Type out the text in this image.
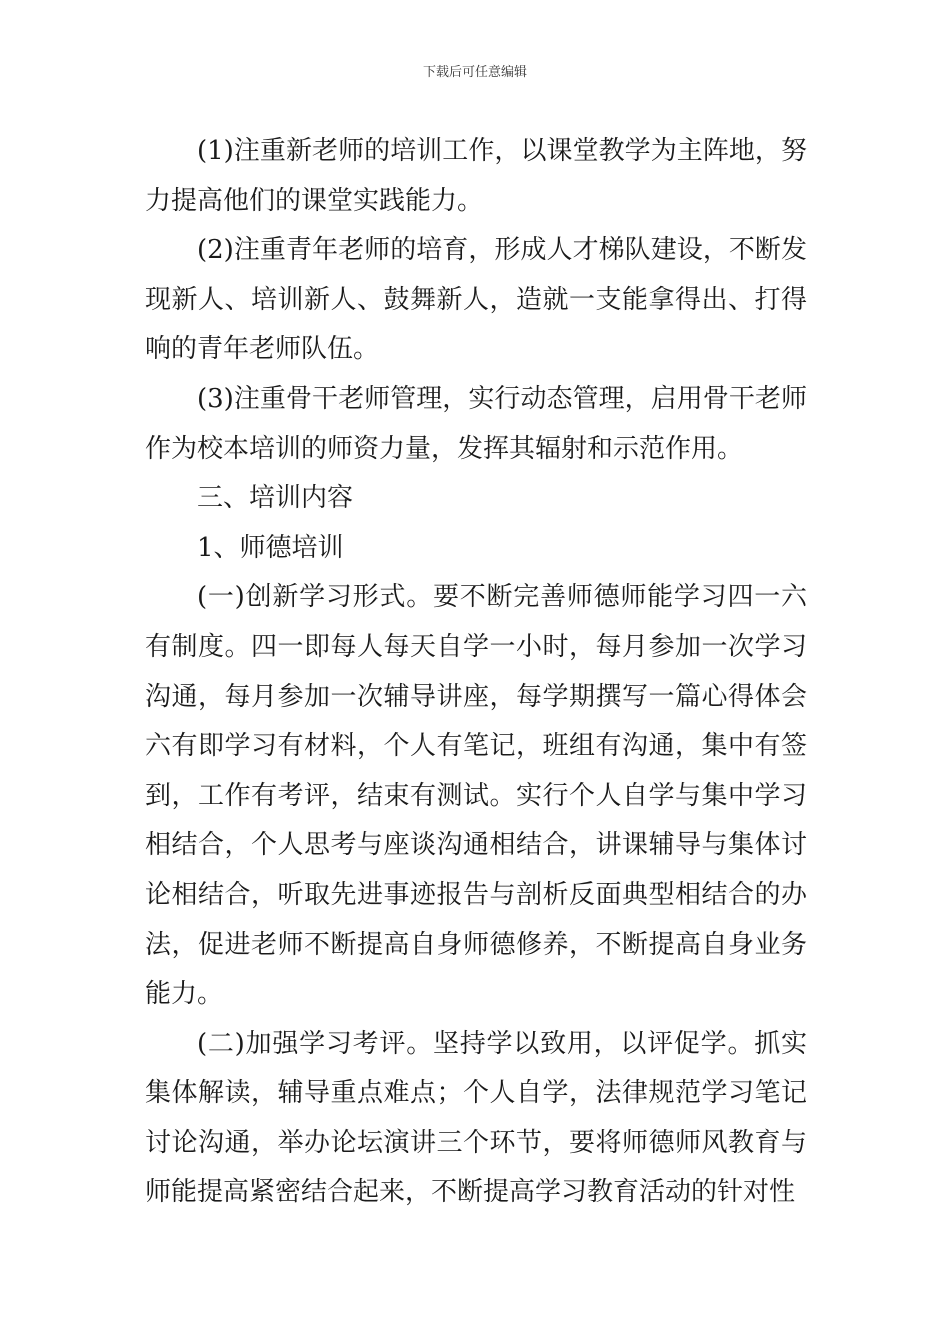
下载后可任意编辑

(1)注重新老师的培训工作，以课堂教学为主阵地，努力提高他们的课堂实践能力。

(2)注重青年老师的培育，形成人才梯队建设，不断发现新人、培训新人、鼓舞新人，造就一支能拿得出、打得响的青年老师队伍。

(3)注重骨干老师管理，实行动态管理，启用骨干老师作为校本培训的师资力量，发挥其辐射和示范作用。

三、培训内容

1、师德培训

(一)创新学习形式。要不断完善师德师能学习四一六有制度。四一即每人每天自学一小时，每月参加一次学习沟通，每月参加一次辅导讲座，每学期撰写一篇心得体会六有即学习有材料，个人有笔记，班组有沟通，集中有签到，工作有考评，结束有测试。实行个人自学与集中学习相结合，个人思考与座谈沟通相结合，讲课辅导与集体讨论相结合，听取先进事迹报告与剖析反面典型相结合的办法，促进老师不断提高自身师德修养，不断提高自身业务能力。

(二)加强学习考评。坚持学以致用，以评促学。抓实集体解读，辅导重点难点；个人自学，法律规范学习笔记讨论沟通，举办论坛演讲三个环节，要将师德师风教育与师能提高紧密结合起来，不断提高学习教育活动的针对性
